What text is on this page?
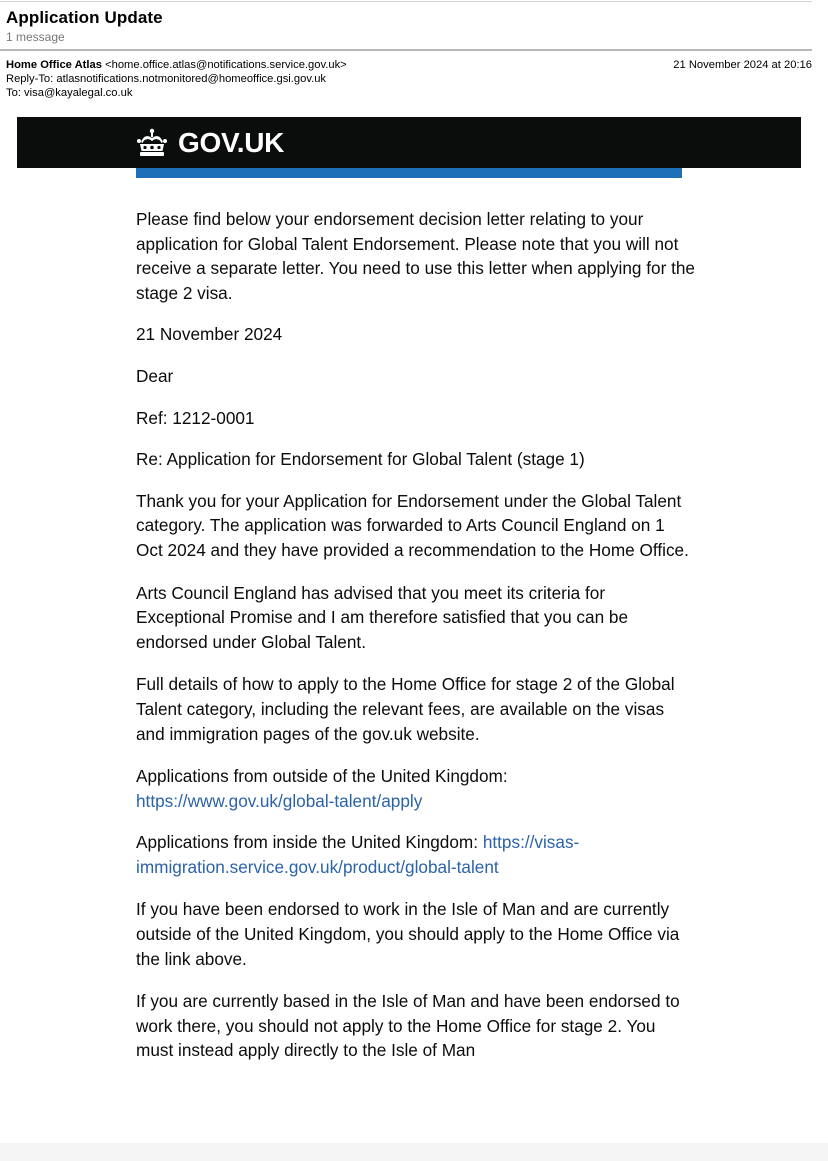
Application Update
1 message
Home Office Atlas <home.office.atlas@notifications.service.gov.uk>
Reply-To: atlasnotifications.notmonitored@homeoffice.gsi.gov.uk
To: visa@kayalegal.co.uk
21 November 2024 at 20:16
GOV.UK

Please find below your endorsement decision letter relating to your application for Global Talent Endorsement. Please note that you will not receive a separate letter. You need to use this letter when applying for the stage 2 visa.

21 November 2024

Dear

Ref: 1212-0001

Re: Application for Endorsement for Global Talent (stage 1)

Thank you for your Application for Endorsement under the Global Talent category. The application was forwarded to Arts Council England on 1 Oct 2024 and they have provided a recommendation to the Home Office.

Arts Council England has advised that you meet its criteria for Exceptional Promise and I am therefore satisfied that you can be endorsed under Global Talent.

Full details of how to apply to the Home Office for stage 2 of the Global Talent category, including the relevant fees, are available on the visas and immigration pages of the gov.uk website.

Applications from outside of the United Kingdom:
https://www.gov.uk/global-talent/apply

Applications from inside the United Kingdom: https://visas-
immigration.service.gov.uk/product/global-talent

If you have been endorsed to work in the Isle of Man and are currently outside of the United Kingdom, you should apply to the Home Office via the link above.

If you are currently based in the Isle of Man and have been endorsed to work there, you should not apply to the Home Office for stage 2. You must instead apply directly to the Isle of Man
